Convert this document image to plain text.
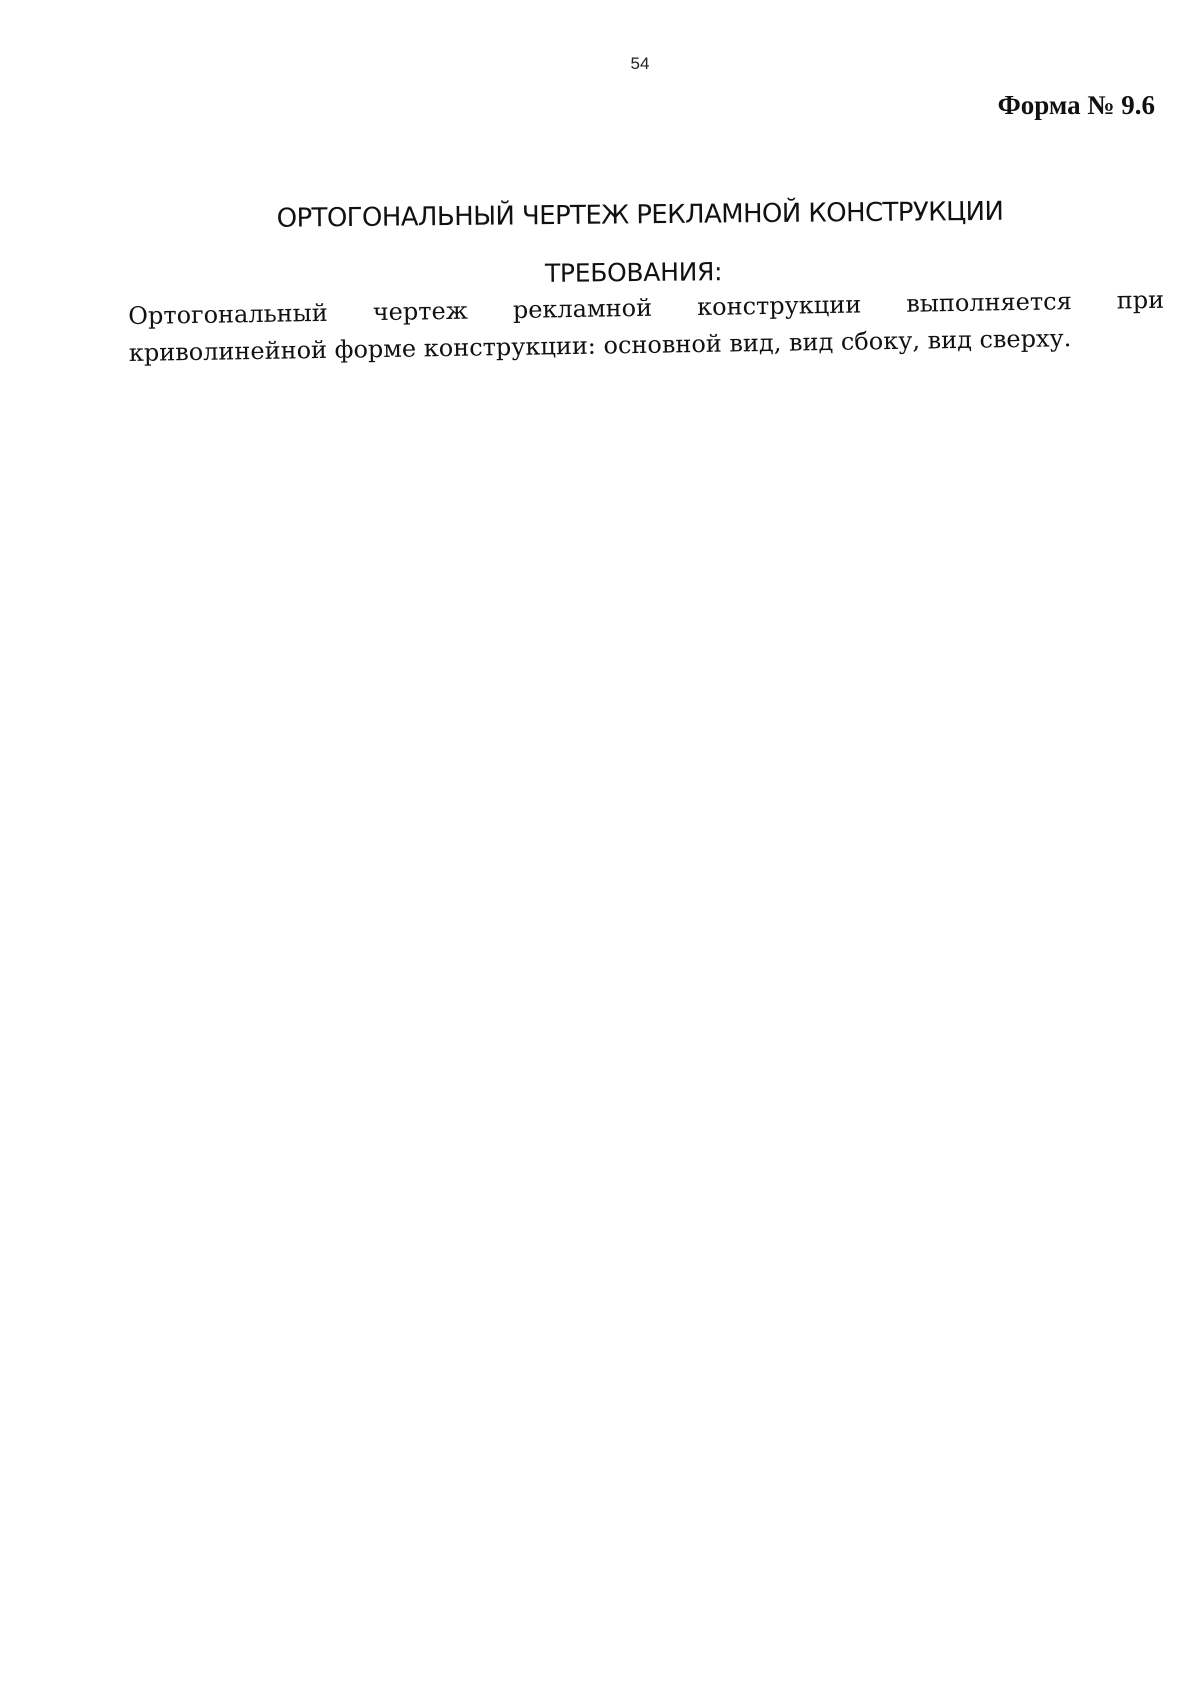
54
Форма № 9.6
ОРТОГОНАЛЬНЫЙ ЧЕРТЕЖ РЕКЛАМНОЙ КОНСТРУКЦИИ
ТРЕБОВАНИЯ:
Ортогональный чертеж рекламной конструкции выполняется при криволинейной форме конструкции: основной вид, вид сбоку, вид сверху.
